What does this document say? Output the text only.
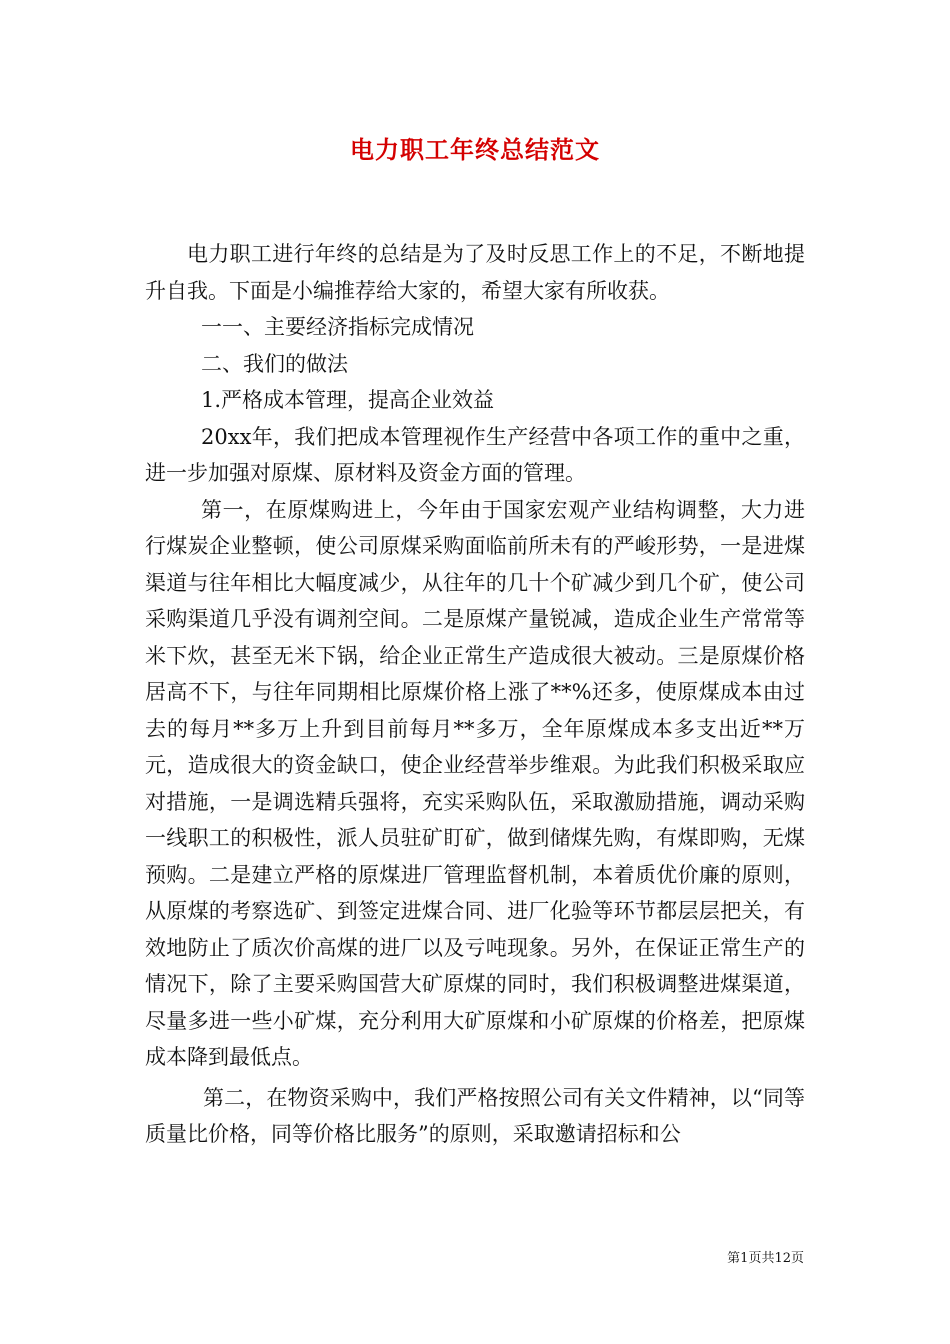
电力职工年终总结范文

电力职工进行年终的总结是为了及时反思工作上的不足，不断地提升自我。下面是小编推荐给大家的，希望大家有所收获。

一一、主要经济指标完成情况

二、我们的做法

1.严格成本管理，提高企业效益

20xx年，我们把成本管理视作生产经营中各项工作的重中之重，进一步加强对原煤、原材料及资金方面的管理。

第一，在原煤购进上，今年由于国家宏观产业结构调整，大力进行煤炭企业整顿，使公司原煤采购面临前所未有的严峻形势，一是进煤渠道与往年相比大幅度减少，从往年的几十个矿减少到几个矿，使公司采购渠道几乎没有调剂空间。二是原煤产量锐减，造成企业生产常常等米下炊，甚至无米下锅，给企业正常生产造成很大被动。三是原煤价格居高不下，与往年同期相比原煤价格上涨了**%还多，使原煤成本由过去的每月**多万上升到目前每月**多万，全年原煤成本多支出近**万元，造成很大的资金缺口，使企业经营举步维艰。为此我们积极采取应对措施，一是调选精兵强将，充实采购队伍，采取激励措施，调动采购一线职工的积极性，派人员驻矿盯矿，做到储煤先购，有煤即购，无煤预购。二是建立严格的原煤进厂管理监督机制，本着质优价廉的原则，从原煤的考察选矿、到签定进煤合同、进厂化验等环节都层层把关，有效地防止了质次价高煤的进厂以及亏吨现象。另外，在保证正常生产的情况下，除了主要采购国营大矿原煤的同时，我们积极调整进煤渠道，尽量多进一些小矿煤，充分利用大矿原煤和小矿原煤的价格差，把原煤成本降到最低点。

第二，在物资采购中，我们严格按照公司有关文件精神，以“同等质量比价格，同等价格比服务”的原则，采取邀请招标和公

第1页共12页
